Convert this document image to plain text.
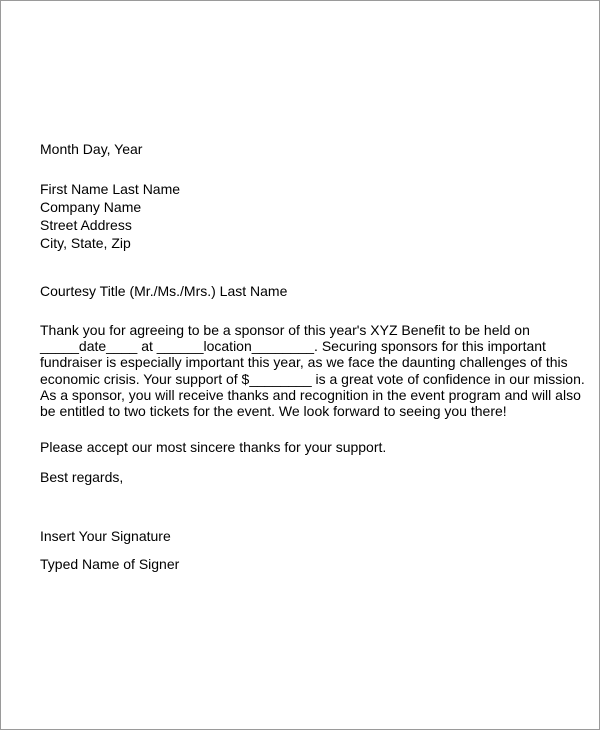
Month Day, Year
First Name Last Name
Company Name
Street Address
City, State, Zip
Courtesy Title (Mr./Ms./Mrs.) Last Name
Thank you for agreeing to be a sponsor of this year's XYZ Benefit to be held on
_____date____ at ______location________. Securing sponsors for this important
fundraiser is especially important this year, as we face the daunting challenges of this
economic crisis. Your support of $________ is a great vote of confidence in our mission.
As a sponsor, you will receive thanks and recognition in the event program and will also
be entitled to two tickets for the event. We look forward to seeing you there!
Please accept our most sincere thanks for your support.
Best regards,
Insert Your Signature
Typed Name of Signer
